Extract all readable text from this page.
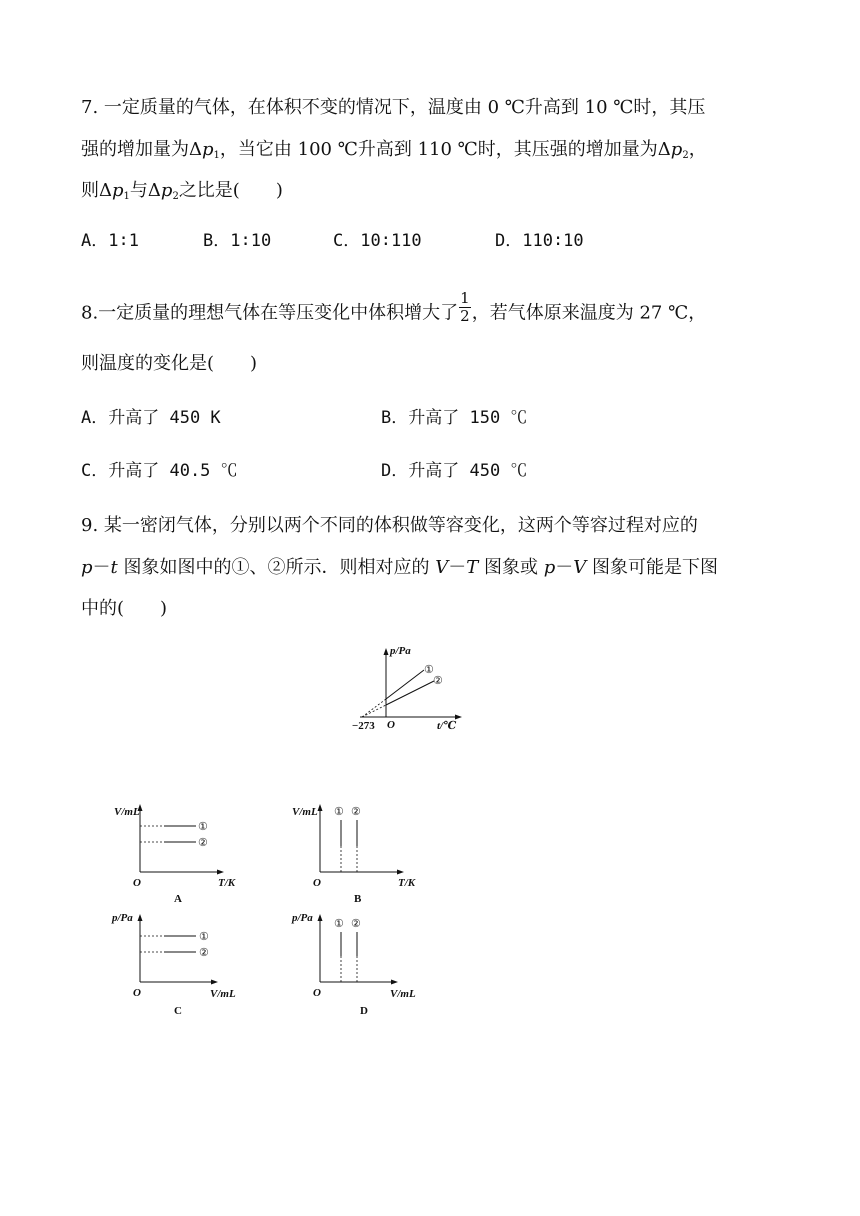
7. 一定质量的气体，在体积不变的情况下，温度由 0 ℃升高到 10 ℃时，其压
强的增加量为$\Delta p_1$，当它由 100 ℃升高到 110 ℃时，其压强的增加量为$\Delta p_2$，
则$\Delta p_1$与$\Delta p_2$之比是(　　)
A．1∶1	B．1∶10	C．10∶110	D．110∶10
8.一定质量的理想气体在等压变化中体积增大了 $\frac{1}{2}$ ，若气体原来温度为 27 ℃，
则温度的变化是(　　)
A．升高了 450 K	B．升高了 150 ℃
C．升高了 40.5 ℃	D．升高了 450 ℃
9. 某一密闭气体，分别以两个不同的体积做等容变化，这两个等容过程对应的
p－t 图象如图中的①、②所示．则相对应的 V－T 图象或 p－V 图象可能是下图
中的(　　)
p/Pa
①
②
−273 O	t/℃
V/mL
①
②
O	T/K
A
V/mL ① ②
O	T/K
B
p/Pa
①
②
O	V/mL
C
p/Pa ① ②
O	V/mL
D
